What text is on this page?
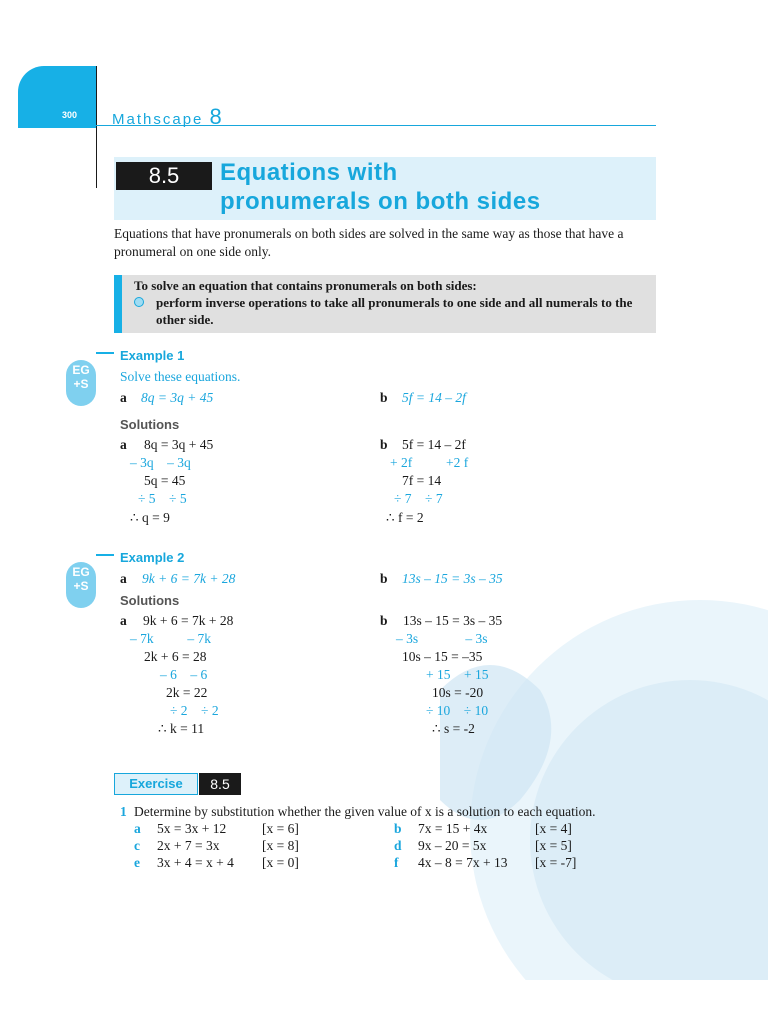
300 Mathscape 8
8.5	Equations with
pronumerals on both sides
Equations that have pronumerals on both sides are solved in the same way as those that have a pronumeral on one side only.
To solve an equation that contains pronumerals on both sides:
perform inverse operations to take all pronumerals to one side and all numerals to the other side.
EG
+S
Example 1
Solve these equations.
a 8q = 3q + 45	b 5f = 14 – 2f
Solutions
a 8q = 3q + 45
– 3q    – 3q
5q = 45
÷ 5    ÷ 5
∴ q = 9
b 5f = 14 – 2f
+ 2f          +2 f
7f = 14
÷ 7    ÷ 7
∴ f = 2
EG
+S
Example 2
a 9k + 6 = 7k + 28	b 13s – 15 = 3s – 35
Solutions
a 9k + 6 = 7k + 28
– 7k          – 7k
2k + 6 = 28
– 6    – 6
2k = 22
÷ 2    ÷ 2
∴ k = 11
b 13s – 15 = 3s – 35
– 3s              – 3s
10s – 15 = –35
+ 15    + 15
10s = -20
÷ 10    ÷ 10
∴ s = -2
Exercise	8.5
1 Determine by substitution whether the given value of x is a solution to each equation.
a 5x = 3x + 12	[x = 6]	b 7x = 15 + 4x	[x = 4]
c 2x + 7 = 3x	[x = 8]	d 9x – 20 = 5x	[x = 5]
e 3x + 4 = x + 4 [x = 0]	f 4x – 8 = 7x + 13 [x = -7]
